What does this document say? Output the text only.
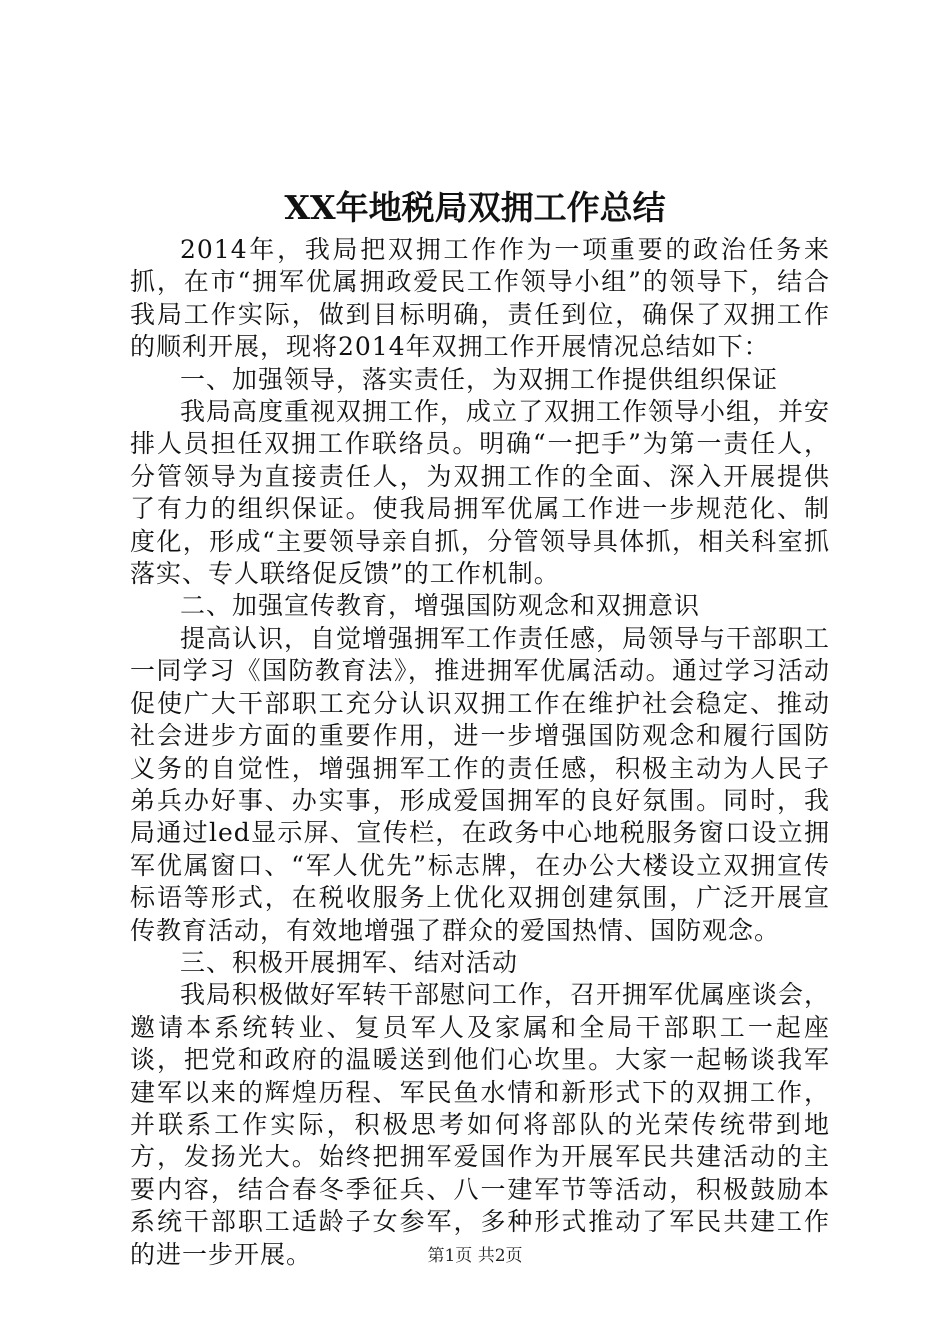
XX年地税局双拥工作总结

2014年，我局把双拥工作作为一项重要的政治任务来抓，在市“拥军优属拥政爱民工作领导小组”的领导下，结合我局工作实际，做到目标明确，责任到位，确保了双拥工作的顺利开展，现将2014年双拥工作开展情况总结如下：

一、加强领导，落实责任，为双拥工作提供组织保证

我局高度重视双拥工作，成立了双拥工作领导小组，并安排人员担任双拥工作联络员。明确“一把手”为第一责任人，分管领导为直接责任人，为双拥工作的全面、深入开展提供了有力的组织保证。使我局拥军优属工作进一步规范化、制度化，形成“主要领导亲自抓，分管领导具体抓，相关科室抓落实、专人联络促反馈”的工作机制。

二、加强宣传教育，增强国防观念和双拥意识

提高认识，自觉增强拥军工作责任感，局领导与干部职工一同学习《国防教育法》，推进拥军优属活动。通过学习活动促使广大干部职工充分认识双拥工作在维护社会稳定、推动社会进步方面的重要作用，进一步增强国防观念和履行国防义务的自觉性，增强拥军工作的责任感，积极主动为人民子弟兵办好事、办实事，形成爱国拥军的良好氛围。同时，我局通过led显示屏、宣传栏，在政务中心地税服务窗口设立拥军优属窗口、“军人优先”标志牌，在办公大楼设立双拥宣传标语等形式，在税收服务上优化双拥创建氛围，广泛开展宣传教育活动，有效地增强了群众的爱国热情、国防观念。

三、积极开展拥军、结对活动

我局积极做好军转干部慰问工作，召开拥军优属座谈会，邀请本系统转业、复员军人及家属和全局干部职工一起座谈，把党和政府的温暖送到他们心坎里。大家一起畅谈我军建军以来的辉煌历程、军民鱼水情和新形式下的双拥工作，并联系工作实际，积极思考如何将部队的光荣传统带到地方，发扬光大。始终把拥军爱国作为开展军民共建活动的主要内容，结合春冬季征兵、八一建军节等活动，积极鼓励本系统干部职工适龄子女参军，多种形式推动了军民共建工作的进一步开展。	第1页 共2页
